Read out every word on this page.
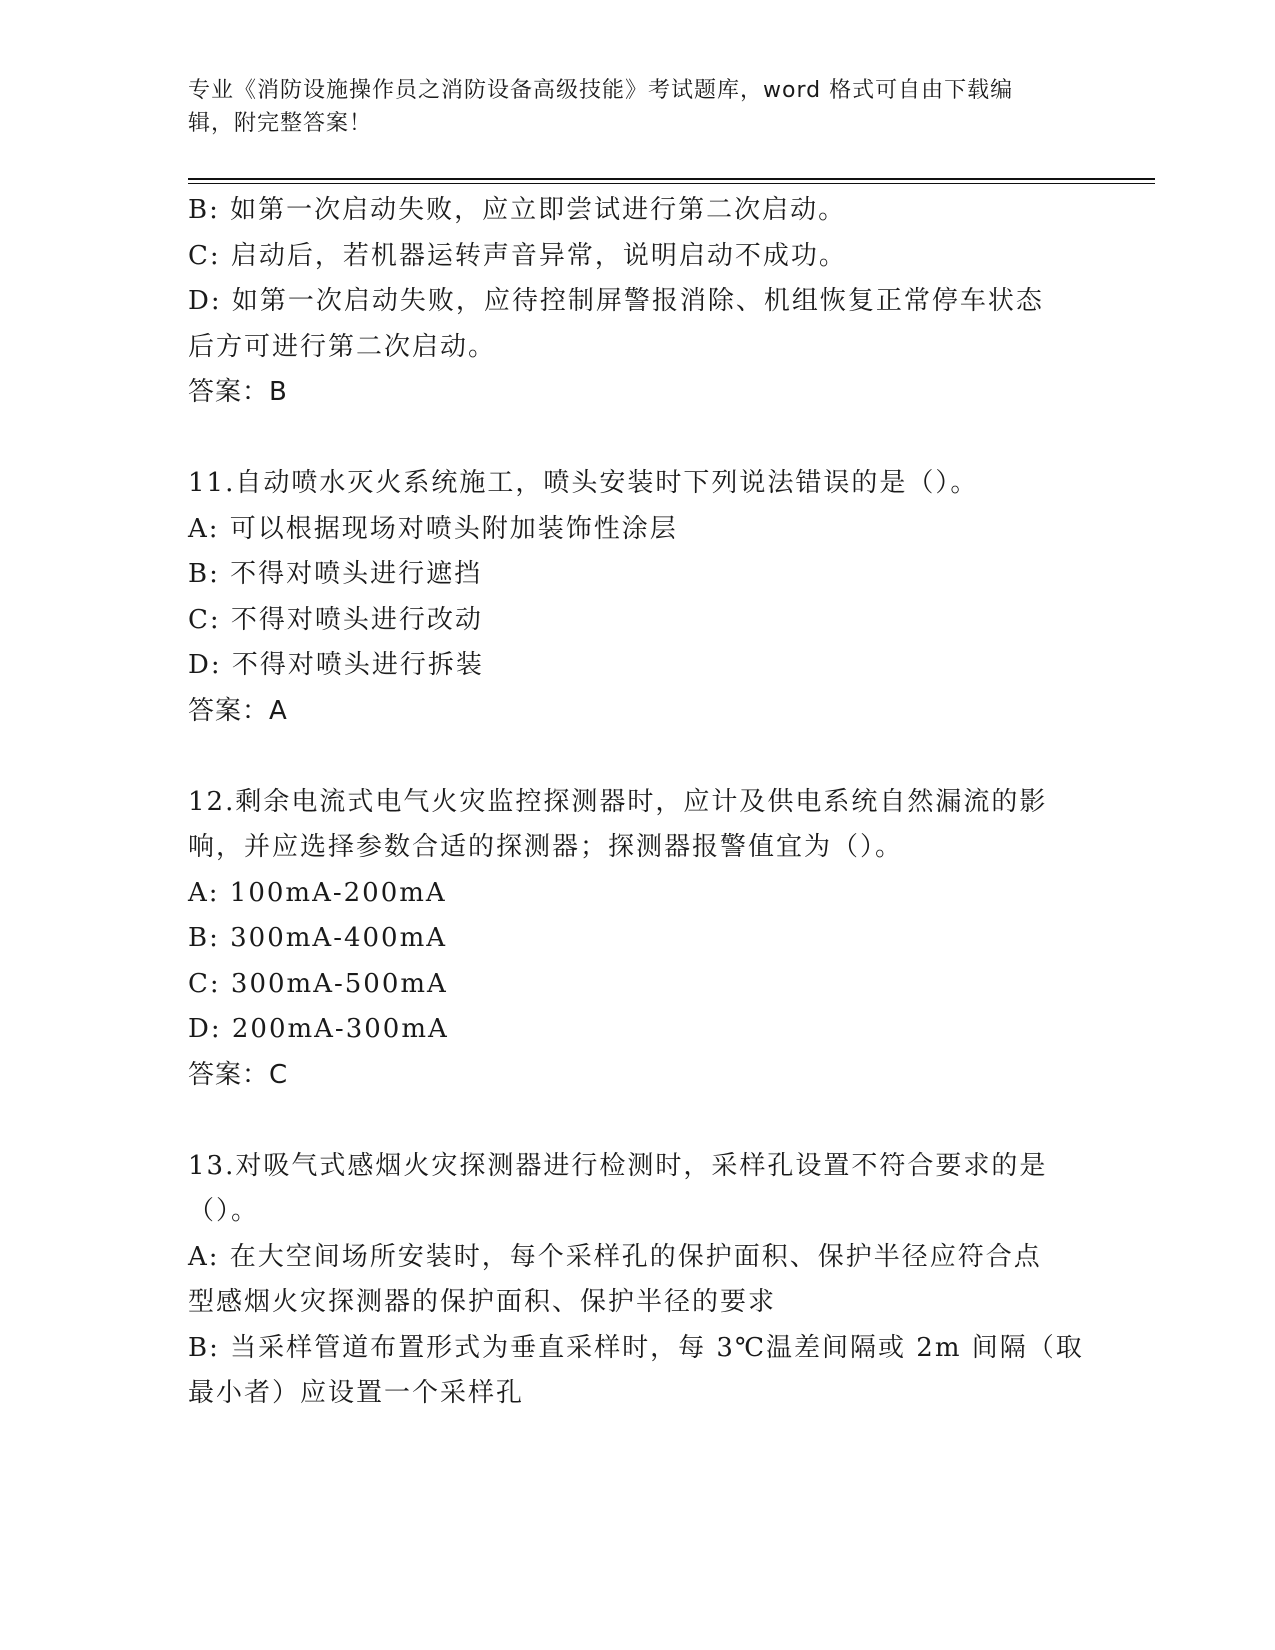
专业《消防设施操作员之消防设备高级技能》考试题库，word 格式可自由下载编
辑，附完整答案！
B: 如第一次启动失败，应立即尝试进行第二次启动。
C: 启动后，若机器运转声音异常，说明启动不成功。
D: 如第一次启动失败，应待控制屏警报消除、机组恢复正常停车状态
后方可进行第二次启动。
答案：B
11.自动喷水灭火系统施工，喷头安装时下列说法错误的是（）。
A: 可以根据现场对喷头附加装饰性涂层
B: 不得对喷头进行遮挡
C: 不得对喷头进行改动
D: 不得对喷头进行拆装
答案：A
12.剩余电流式电气火灾监控探测器时，应计及供电系统自然漏流的影
响，并应选择参数合适的探测器；探测器报警值宜为（）。
A: 100mA-200mA
B: 300mA-400mA
C: 300mA-500mA
D: 200mA-300mA
答案：C
13.对吸气式感烟火灾探测器进行检测时，采样孔设置不符合要求的是
（）。
A: 在大空间场所安装时，每个采样孔的保护面积、保护半径应符合点
型感烟火灾探测器的保护面积、保护半径的要求
B: 当采样管道布置形式为垂直采样时，每 3℃温差间隔或 2m 间隔（取
最小者）应设置一个采样孔
